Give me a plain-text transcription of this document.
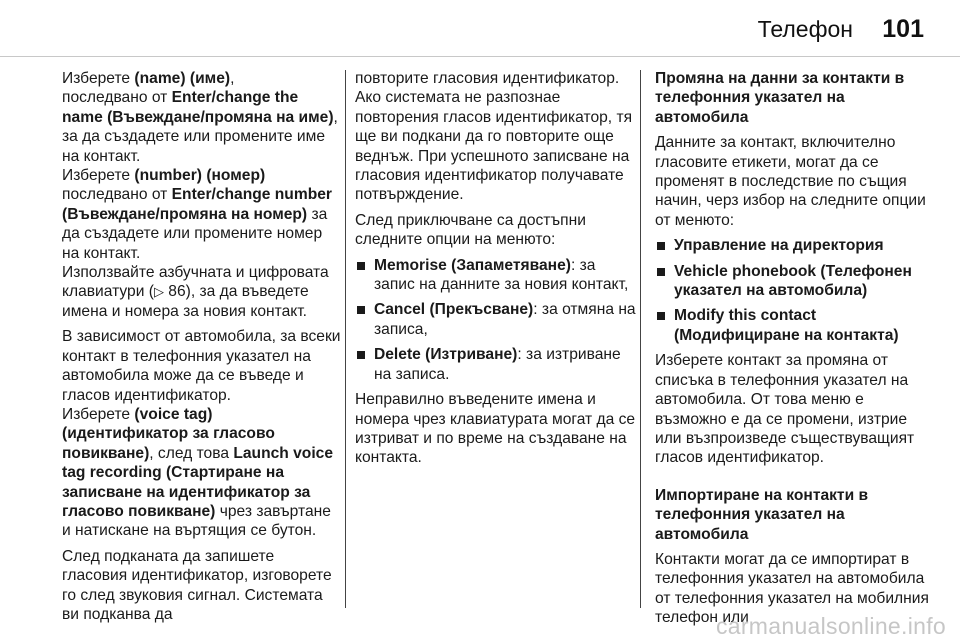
Телефон 101

Изберете (name) (име),
последвано от Enter/change the name (Въвеждане/промяна на име), за да създадете или промените име на контакт.
Изберете (number) (номер)
последвано от Enter/change number (Въвеждане/промяна на номер) за да създадете или промените номер на контакт.
Използвайте азбучната и цифровата клавиатури (▷ 86), за да въведете имена и номера за новия контакт.

В зависимост от автомобила, за всеки контакт в телефонния указател на автомобила може да се въведе и гласов идентификатор.
Изберете (voice tag) (идентификатор за гласово повикване), след това Launch voice tag recording (Стартиране на записване на идентификатор за гласово повикване) чрез завъртане и натискане на въртящия се бутон.

След подканата да запишете гласовия идентификатор, изговорете го след звуковия сигнал. Системата ви подканва да

повторите гласовия идентификатор. Ако системата не разпознае повторения гласов идентификатор, тя ще ви подкани да го повторите още веднъж. При успешното записване на гласовия идентификатор получавате потвърждение.

След приключване са достъпни следните опции на менюто:

Memorise (Запаметяване): за запис на данните за новия контакт,
Cancel (Прекъсване): за отмяна на записа,
Delete (Изтриване): за изтриване на записа.

Неправилно въведените имена и номера чрез клавиатурата могат да се изтриват и по време на създаване на контакта.

Промяна на данни за контакти в телефонния указател на автомобила

Данните за контакт, включително гласовите етикети, могат да се променят в последствие по същия начин, черз избор на следните опции от менюто:

Управление на директория
Vehicle phonebook (Телефонен указател на автомобила)
Modify this contact (Модифициране на контакта)

Изберете контакт за промяна от списъка в телефонния указател на автомобила. От това меню е възможно е да се промени, изтрие или възпроизведе съществуващият гласов идентификатор.

Импортиране на контакти в телефонния указател на автомобила

Контакти могат да се импортират в телефонния указател на автомобила от телефонния указател на мобилния телефон или

carmanualsonline.info
